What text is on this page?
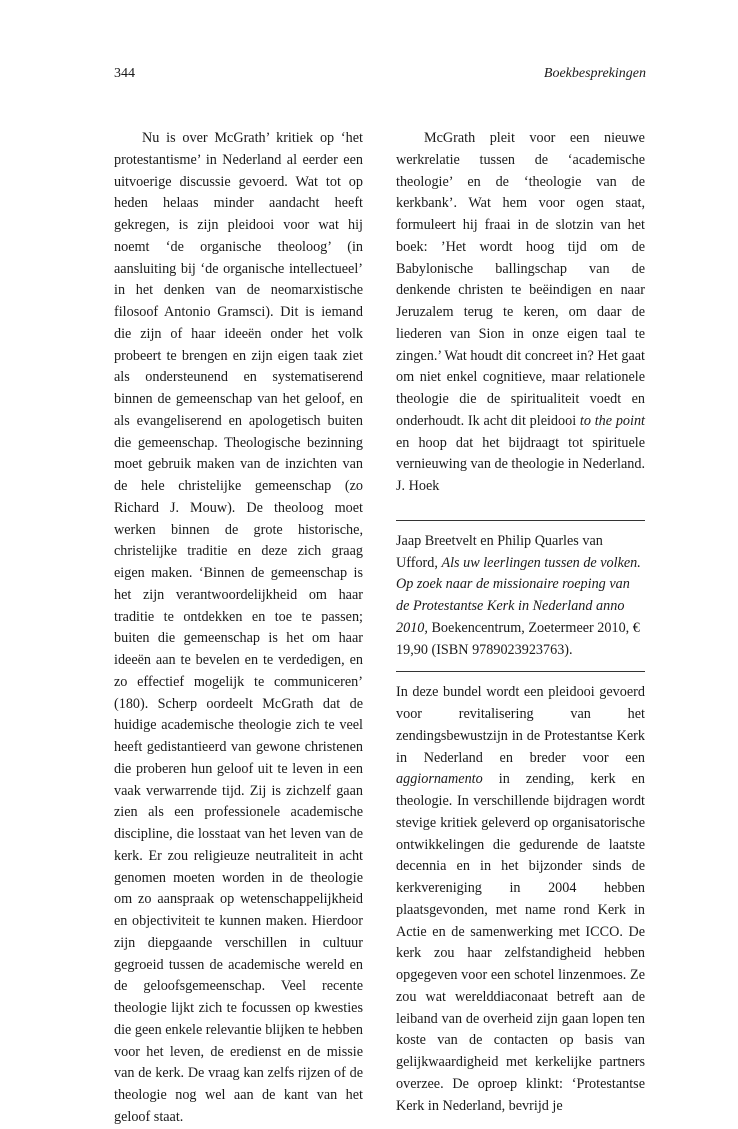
344	Boekbesprekingen

Nu is over McGrath’ kritiek op ‘het protestantisme’ in Nederland al eerder een uitvoerige discussie gevoerd. Wat tot op heden helaas minder aandacht heeft gekregen, is zijn pleidooi voor wat hij noemt ‘de organische theoloog’ (in aansluiting bij ‘de organische intellectueel’ in het denken van de neomarxistische filosoof Antonio Gramsci). Dit is iemand die zijn of haar ideeën onder het volk probeert te brengen en zijn eigen taak ziet als ondersteunend en systematiserend binnen de gemeenschap van het geloof, en als evangeliserend en apologetisch buiten die gemeenschap. Theologische bezinning moet gebruik maken van de inzichten van de hele christelijke gemeenschap (zo Richard J. Mouw). De theoloog moet werken binnen de grote historische, christelijke traditie en deze zich graag eigen maken. ‘Binnen de gemeenschap is het zijn verantwoordelijkheid om haar traditie te ontdekken en toe te passen; buiten die gemeenschap is het om haar ideeën aan te bevelen en te verdedigen, en zo effectief mogelijk te communiceren’ (180). Scherp oordeelt McGrath dat de huidige academische theologie zich te veel heeft gedistantieerd van gewone christenen die proberen hun geloof uit te leven in een vaak verwarrende tijd. Zij is zichzelf gaan zien als een professionele academische discipline, die losstaat van het leven van de kerk. Er zou religieuze neutraliteit in acht genomen moeten worden in de theologie om zo aanspraak op wetenschappelijkheid en objectiviteit te kunnen maken. Hierdoor zijn diepgaande verschillen in cultuur gegroeid tussen de academische wereld en de geloofsgemeenschap. Veel recente theologie lijkt zich te focussen op kwesties die geen enkele relevantie blijken te hebben voor het leven, de eredienst en de missie van de kerk. De vraag kan zelfs rijzen of de theologie nog wel aan de kant van het geloof staat.

McGrath pleit voor een nieuwe werkrelatie tussen de ‘academische theologie’ en de ‘theologie van de kerkbank’. Wat hem voor ogen staat, formuleert hij fraai in de slotzin van het boek: ’Het wordt hoog tijd om de Babylonische ballingschap van de denkende christen te beëindigen en naar Jeruzalem terug te keren, om daar de liederen van Sion in onze eigen taal te zingen.’ Wat houdt dit concreet in? Het gaat om niet enkel cognitieve, maar relationele theologie die de spiritualiteit voedt en onderhoudt. Ik acht dit pleidooi to the point en hoop dat het bijdraagt tot spirituele vernieuwing van de theologie in Nederland.

J. Hoek

Jaap Breetvelt en Philip Quarles van Ufford, Als uw leerlingen tussen de volken. Op zoek naar de missionaire roeping van de Protestantse Kerk in Nederland anno 2010, Boekencentrum, Zoetermeer 2010, € 19,90 (ISBN 9789023923763).

In deze bundel wordt een pleidooi gevoerd voor revitalisering van het zendingsbewustzijn in de Protestantse Kerk in Nederland en breder voor een aggiornamento in zending, kerk en theologie. In verschillende bijdragen wordt stevige kritiek geleverd op organisatorische ontwikkelingen die gedurende de laatste decennia en in het bijzonder sinds de kerkvereniging in 2004 hebben plaatsgevonden, met name rond Kerk in Actie en de samenwerking met ICCO. De kerk zou haar zelfstandigheid hebben opgegeven voor een schotel linzenmoes. Ze zou wat werelddiaconaat betreft aan de leiband van de overheid zijn gaan lopen ten koste van de contacten op basis van gelijkwaardigheid met kerkelijke partners overzee. De oproep klinkt: ‘Protestantse Kerk in Nederland, bevrijd je
